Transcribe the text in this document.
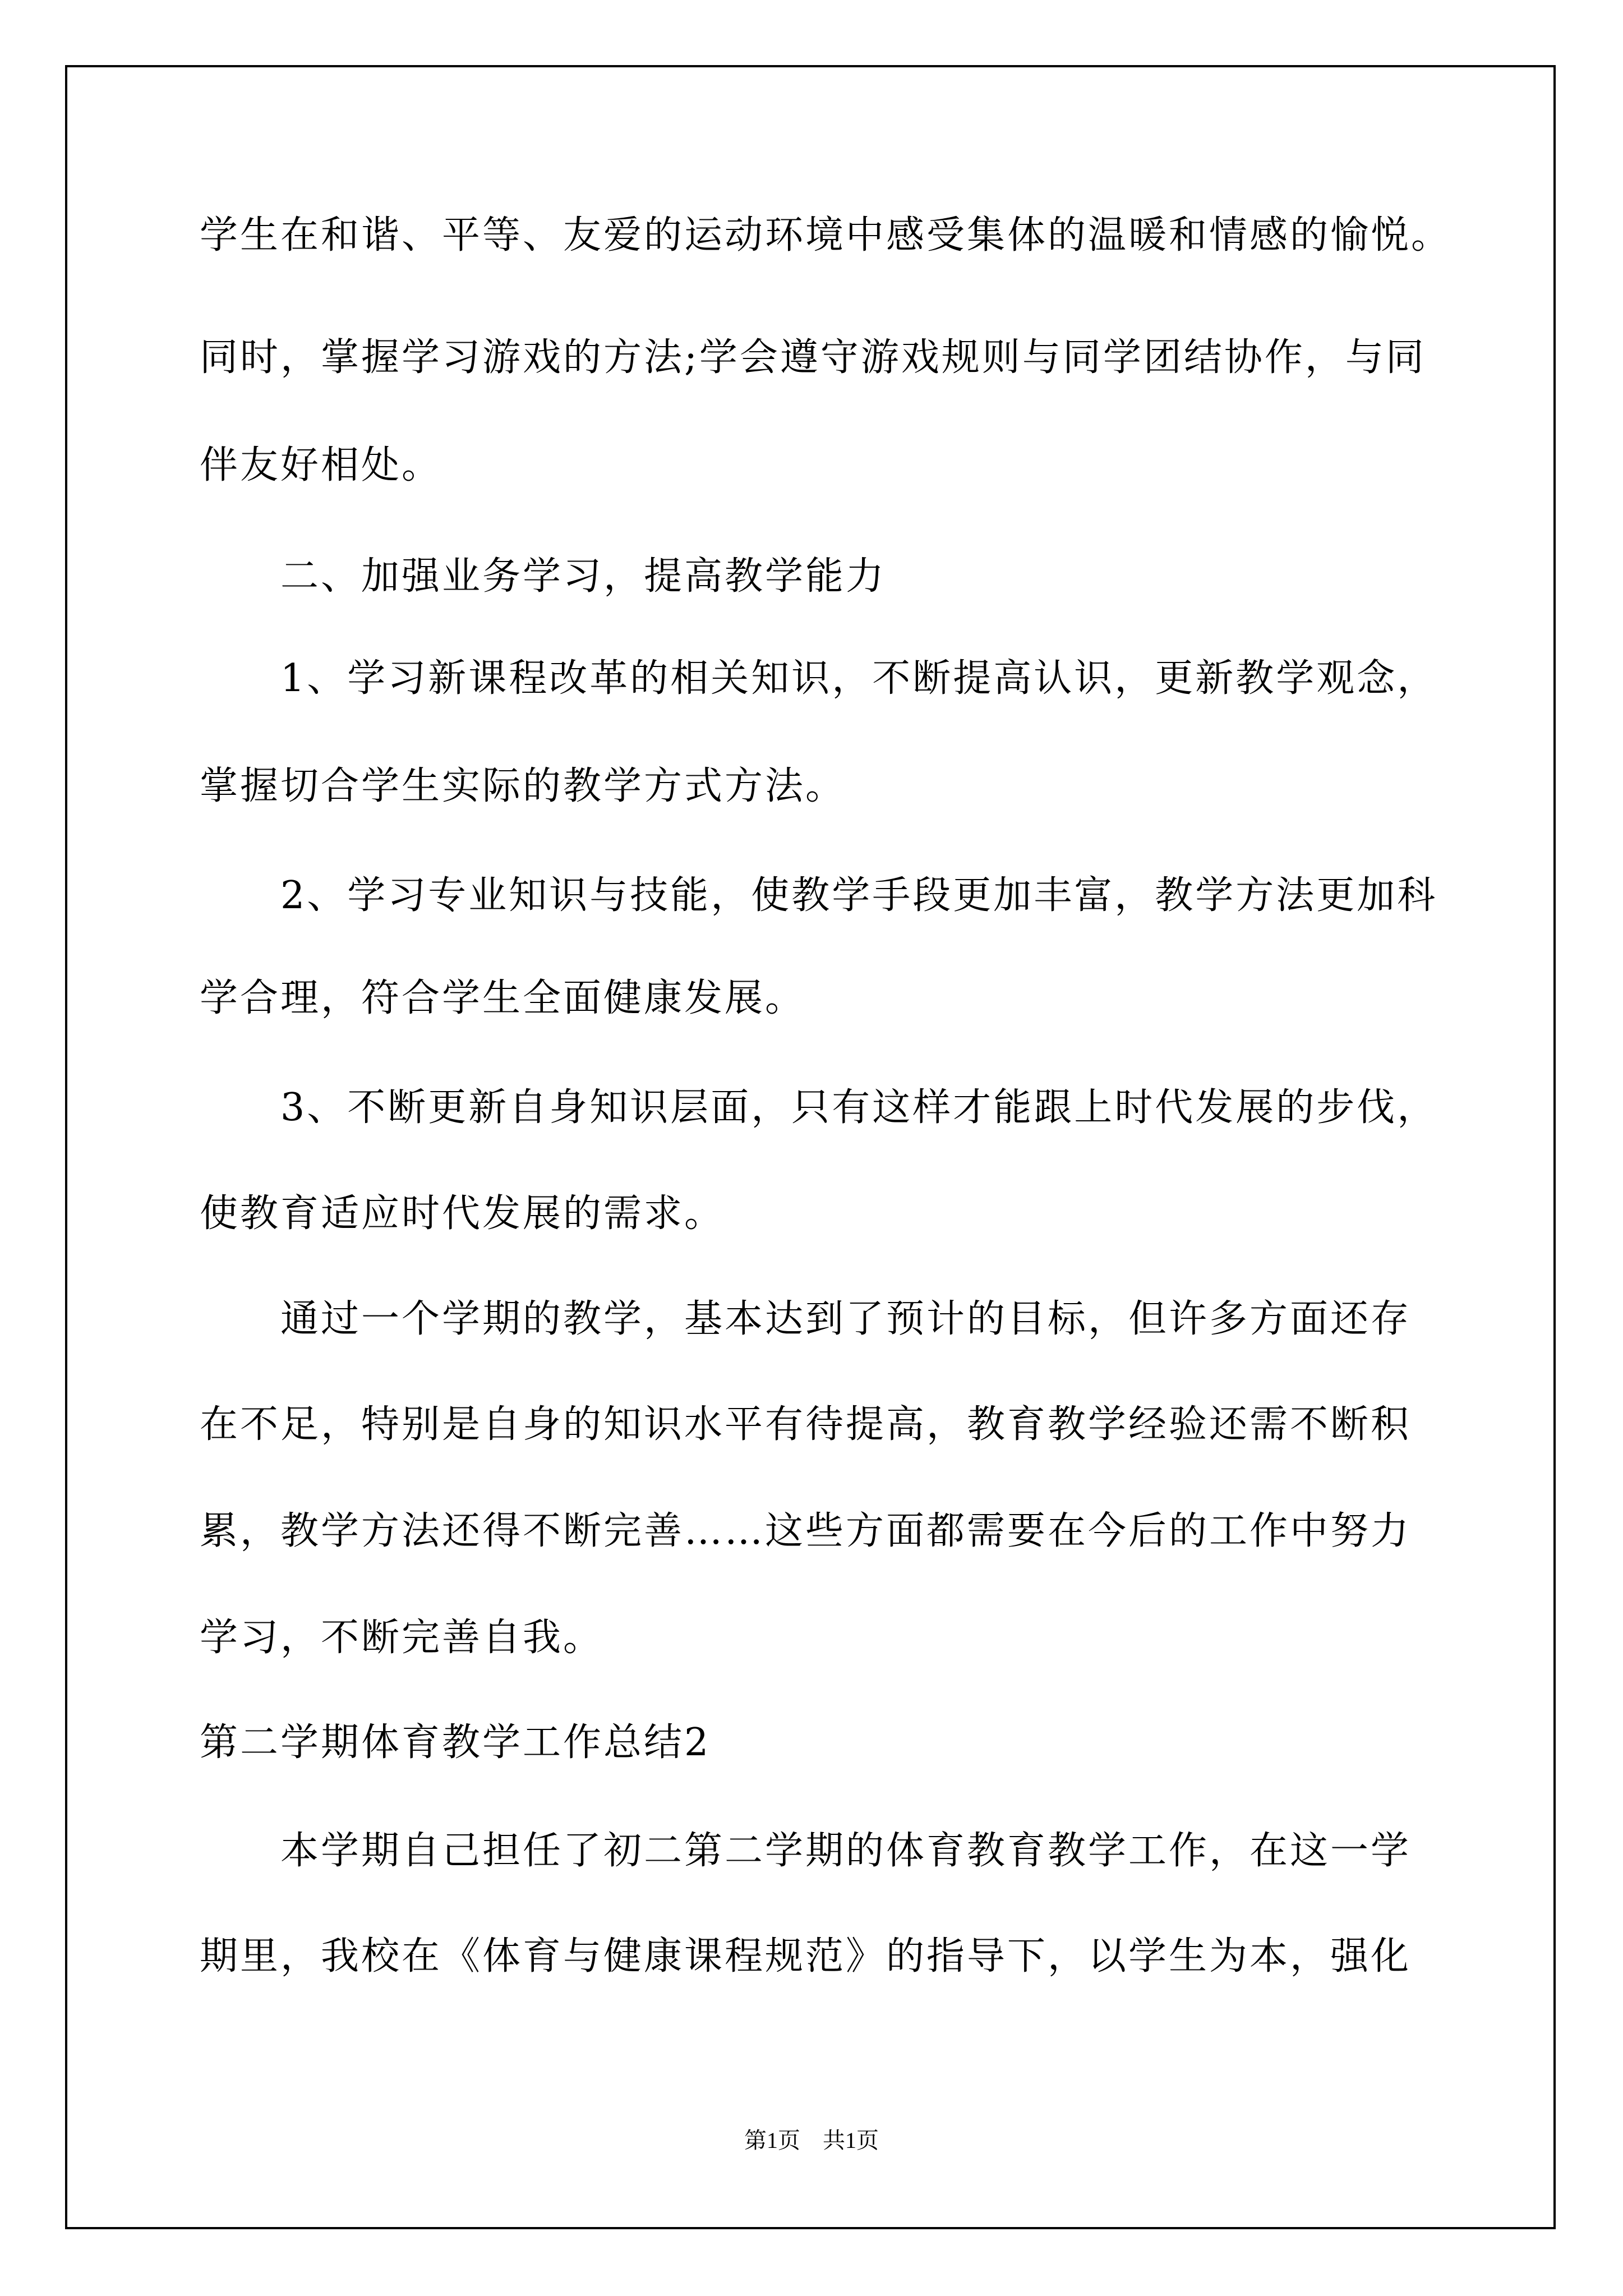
学生在和谐、平等、友爱的运动环境中感受集体的温暖和情感的愉悦。
同时，掌握学习游戏的方法;学会遵守游戏规则与同学团结协作，与同
伴友好相处。
二、加强业务学习，提高教学能力
1、学习新课程改革的相关知识，不断提高认识，更新教学观念，
掌握切合学生实际的教学方式方法。
2、学习专业知识与技能，使教学手段更加丰富，教学方法更加科
学合理，符合学生全面健康发展。
3、不断更新自身知识层面，只有这样才能跟上时代发展的步伐，
使教育适应时代发展的需求。
通过一个学期的教学，基本达到了预计的目标，但许多方面还存
在不足，特别是自身的知识水平有待提高，教育教学经验还需不断积
累，教学方法还得不断完善……这些方面都需要在今后的工作中努力
学习，不断完善自我。
第二学期体育教学工作总结2
本学期自己担任了初二第二学期的体育教育教学工作，在这一学
期里，我校在《体育与健康课程规范》的指导下，以学生为本，强化
第1页　共1页
